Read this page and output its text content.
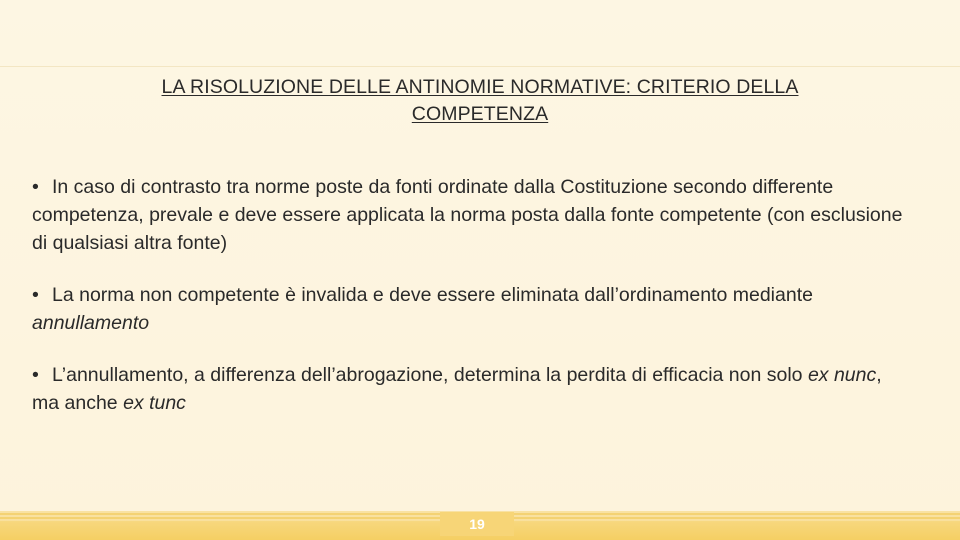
LA RISOLUZIONE DELLE ANTINOMIE NORMATIVE: CRITERIO DELLA
COMPETENZA

• In caso di contrasto tra norme poste da fonti ordinate dalla Costituzione secondo differente competenza, prevale e deve essere applicata la norma posta dalla fonte competente (con esclusione di qualsiasi altra fonte)

• La norma non competente è invalida e deve essere eliminata dall’ordinamento mediante annullamento

• L’annullamento, a differenza dell’abrogazione, determina la perdita di efficacia non solo ex nunc, ma anche ex tunc

19
